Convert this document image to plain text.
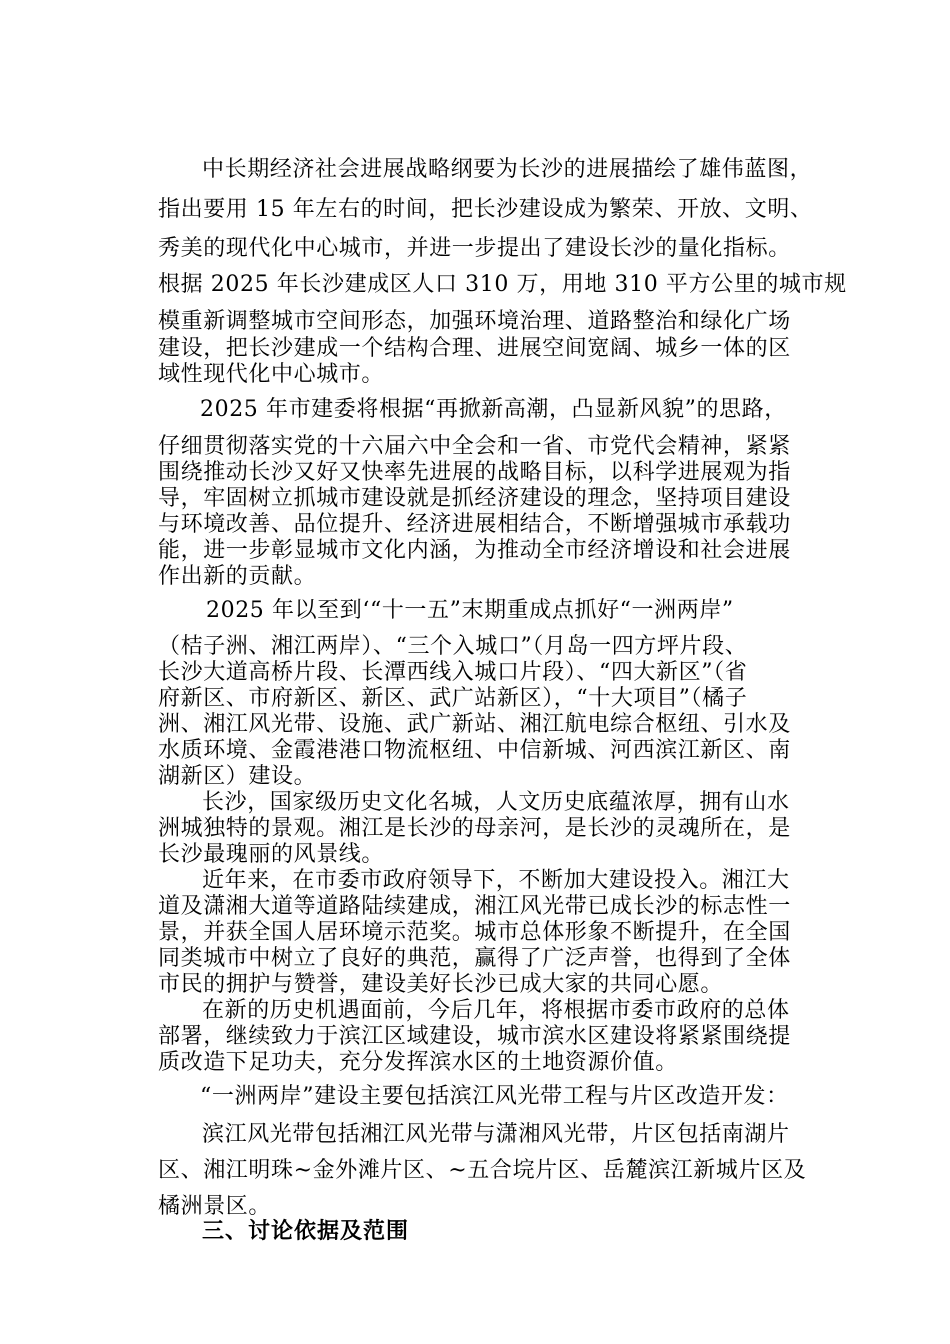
中长期经济社会进展战略纲要为长沙的进展描绘了雄伟蓝图，
指出要用 15 年左右的时间，把长沙建设成为繁荣、开放、文明、
秀美的现代化中心城市，并进一步提出了建设长沙的量化指标。
根据 2025 年长沙建成区人口 310 万，用地 310 平方公里的城市规
模重新调整城市空间形态，加强环境治理、道路整治和绿化广场
建设，把长沙建成一个结构合理、进展空间宽阔、城乡一体的区
域性现代化中心城市。
2025 年市建委将根据“再掀新高潮，凸显新风貌”的思路，
仔细贯彻落实党的十六届六中全会和一省、市党代会精神，紧紧
围绕推动长沙又好又快率先进展的战略目标，以科学进展观为指
导，牢固树立抓城市建设就是抓经济建设的理念，坚持项目建设
与环境改善、品位提升、经济进展相结合，不断增强城市承载功
能，进一步彰显城市文化内涵，为推动全市经济增设和社会进展
作出新的贡献。
2025 年以至到‘“十一五”末期重成点抓好“一洲两岸”
（桔子洲、湘江两岸）、“三个入城口”（月岛一四方坪片段、
长沙大道高桥片段、长潭西线入城口片段）、“四大新区”（省
府新区、市府新区、新区、武广站新区），“十大项目”（橘子
洲、湘江风光带、设施、武广新站、湘江航电综合枢纽、引水及
水质环境、金霞港港口物流枢纽、中信新城、河西滨江新区、南
湖新区）建设。
长沙，国家级历史文化名城，人文历史底蕴浓厚，拥有山水
洲城独特的景观。湘江是长沙的母亲河，是长沙的灵魂所在，是
长沙最瑰丽的风景线。
近年来，在市委市政府领导下，不断加大建设投入。湘江大
道及潇湘大道等道路陆续建成，湘江风光带已成长沙的标志性一
景，并获全国人居环境示范奖。城市总体形象不断提升，在全国
同类城市中树立了良好的典范，赢得了广泛声誉，也得到了全体
市民的拥护与赞誉，建设美好长沙已成大家的共同心愿。
在新的历史机遇面前，今后几年，将根据市委市政府的总体
部署，继续致力于滨江区域建设，城市滨水区建设将紧紧围绕提
质改造下足功夫，充分发挥滨水区的土地资源价值。
“一洲两岸”建设主要包括滨江风光带工程与片区改造开发：
滨江风光带包括湘江风光带与潇湘风光带，片区包括南湖片
区、湘江明珠~金外滩片区、~五合垸片区、岳麓滨江新城片区及
橘洲景区。
三、讨论依据及范围
